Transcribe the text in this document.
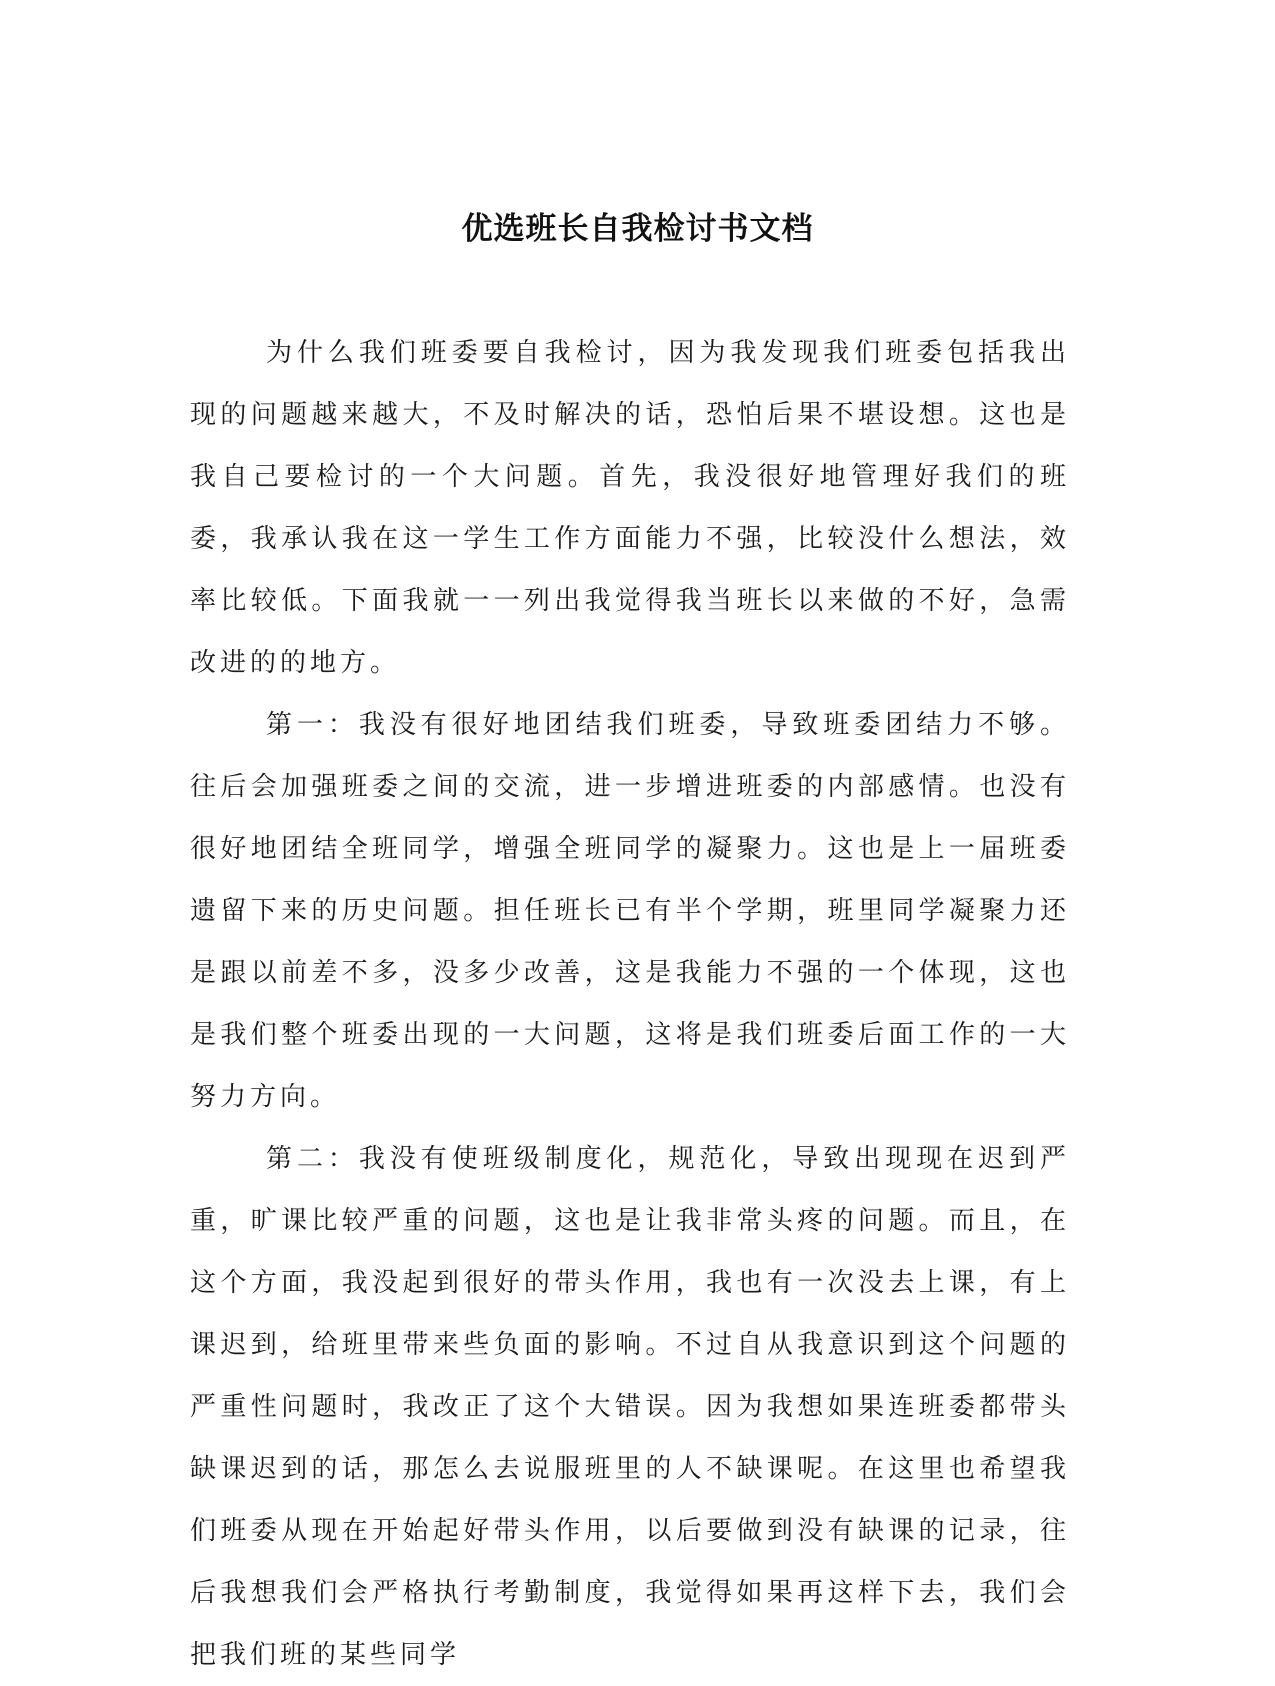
优选班长自我检讨书文档

为什么我们班委要自我检讨，因为我发现我们班委包括我出现的问题越来越大，不及时解决的话，恐怕后果不堪设想。这也是我自己要检讨的一个大问题。首先，我没很好地管理好我们的班委，我承认我在这一学生工作方面能力不强，比较没什么想法，效率比较低。下面我就一一列出我觉得我当班长以来做的不好，急需改进的的地方。

第一：我没有很好地团结我们班委，导致班委团结力不够。往后会加强班委之间的交流，进一步增进班委的内部感情。也没有很好地团结全班同学，增强全班同学的凝聚力。这也是上一届班委遗留下来的历史问题。担任班长已有半个学期，班里同学凝聚力还是跟以前差不多，没多少改善，这是我能力不强的一个体现，这也是我们整个班委出现的一大问题，这将是我们班委后面工作的一大努力方向。

第二：我没有使班级制度化，规范化，导致出现现在迟到严重，旷课比较严重的问题，这也是让我非常头疼的问题。而且，在这个方面，我没起到很好的带头作用，我也有一次没去上课，有上课迟到，给班里带来些负面的影响。不过自从我意识到这个问题的严重性问题时，我改正了这个大错误。因为我想如果连班委都带头缺课迟到的话，那怎么去说服班里的人不缺课呢。在这里也希望我们班委从现在开始起好带头作用，以后要做到没有缺课的记录，往后我想我们会严格执行考勤制度，我觉得如果再这样下去，我们会把我们班的某些同学
